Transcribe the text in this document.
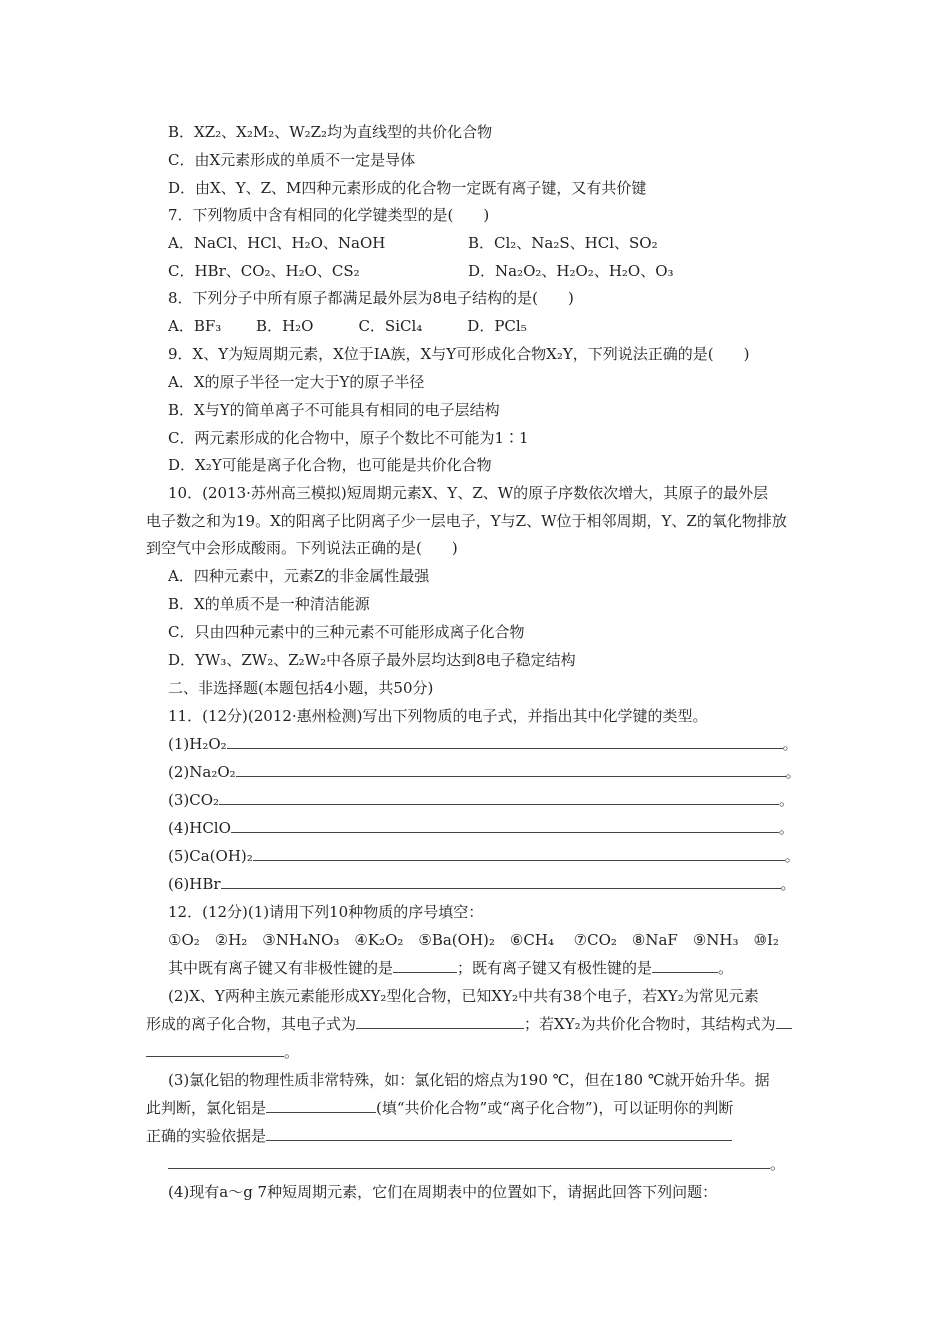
B．XZ₂、X₂M₂、W₂Z₂均为直线型的共价化合物
C．由X元素形成的单质不一定是导体
D．由X、Y、Z、M四种元素形成的化合物一定既有离子键，又有共价键
7．下列物质中含有相同的化学键类型的是(　　)
A．NaCl、HCl、H₂O、NaOH	B．Cl₂、Na₂S、HCl、SO₂
C．HBr、CO₂、H₂O、CS₂	D．Na₂O₂、H₂O₂、H₂O、O₃
8．下列分子中所有原子都满足最外层为8电子结构的是(　　)
A．BF₃　　 B．H₂O　　　C．SiCl₄　　　D．PCl₅
9．X、Y为短周期元素，X位于ⅠA族，X与Y可形成化合物X₂Y，下列说法正确的是(　　)
A．X的原子半径一定大于Y的原子半径
B．X与Y的简单离子不可能具有相同的电子层结构
C．两元素形成的化合物中，原子个数比不可能为1∶1
D．X₂Y可能是离子化合物，也可能是共价化合物
10．(2013·苏州高三模拟)短周期元素X、Y、Z、W的原子序数依次增大，其原子的最外层
电子数之和为19。X的阳离子比阴离子少一层电子，Y与Z、W位于相邻周期，Y、Z的氧化物排放
到空气中会形成酸雨。下列说法正确的是(　　)
A．四种元素中，元素Z的非金属性最强
B．X的单质不是一种清洁能源
C．只由四种元素中的三种元素不可能形成离子化合物
D．YW₃、ZW₂、Z₂W₂中各原子最外层均达到8电子稳定结构
二、非选择题(本题包括4小题，共50分)
11．(12分)(2012·惠州检测)写出下列物质的电子式，并指出其中化学键的类型。
(1)H₂O₂	。
(2)Na₂O₂	。
(3)CO₂	。
(4)HClO	。
(5)Ca(OH)₂	。
(6)HBr	。
12．(12分)(1)请用下列10种物质的序号填空：
①O₂　②H₂　③NH₄NO₃　④K₂O₂　⑤Ba(OH)₂　⑥CH₄　 ⑦CO₂　⑧NaF　⑨NH₃　⑩I₂
其中既有离子键又有非极性键的是	；既有离子键又有极性键的是	。
(2)X、Y两种主族元素能形成XY₂型化合物，已知XY₂中共有38个电子，若XY₂为常见元素
形成的离子化合物，其电子式为	；若XY₂为共价化合物时，其结构式为
。
(3)氯化铝的物理性质非常特殊，如：氯化铝的熔点为190 ℃，但在180 ℃就开始升华。据
此判断，氯化铝是	(填“共价化合物”或“离子化合物”)，可以证明你的判断
正确的实验依据是
。
(4)现有a～g 7种短周期元素，它们在周期表中的位置如下，请据此回答下列问题：
